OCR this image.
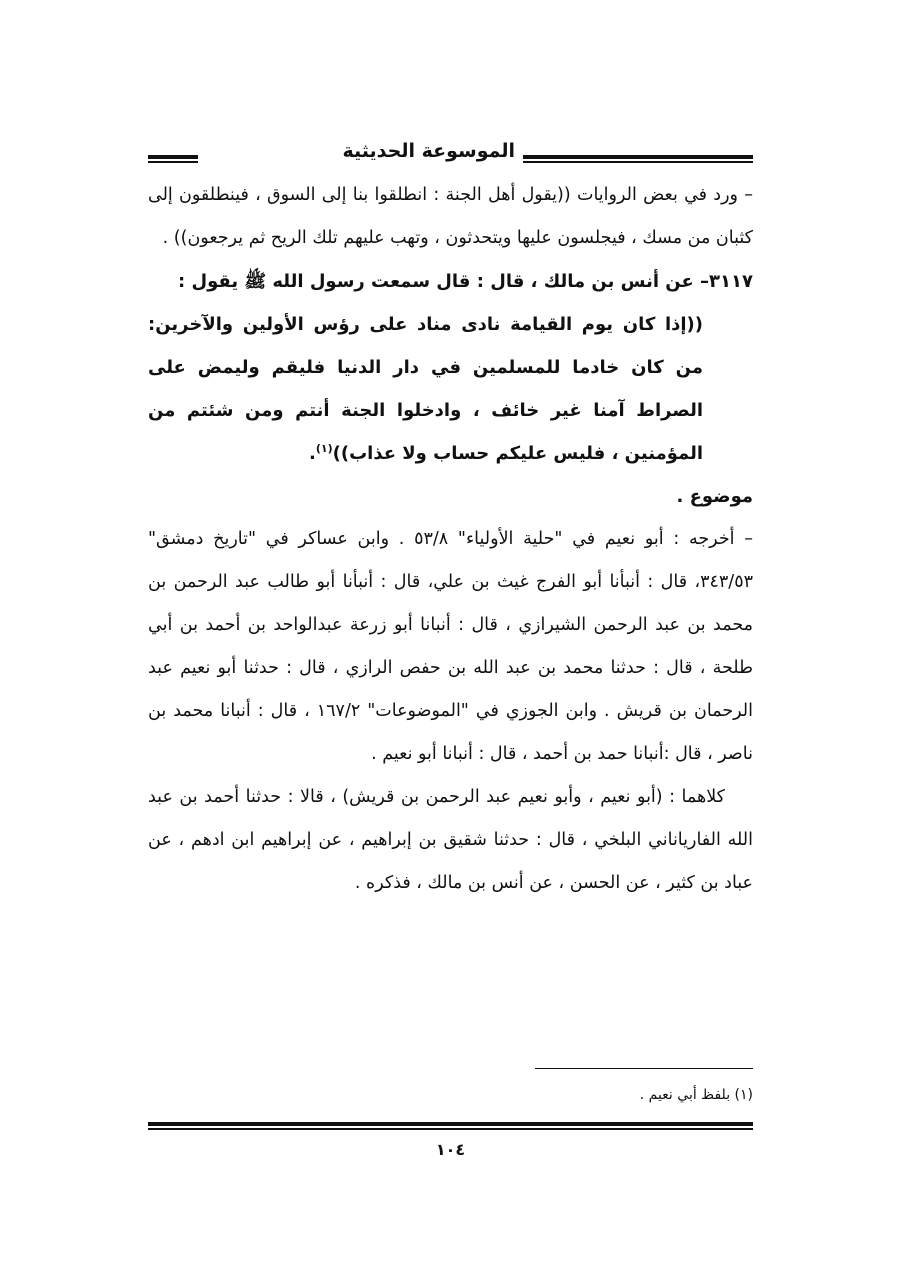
الموسوعة الحديثية

– ورد في بعض الروايات ((يقول أهل الجنة : انطلقوا بنا إلى السوق ، فينطلقون إلى كثبان من مسك ، فيجلسون عليها ويتحدثون ، وتهب عليهم تلك الريح ثم يرجعون)) .

٣١١٧– عن أنس بن مالك ، قال : قال سمعت رسول الله ﷺ يقول :

((إذا كان يوم القيامة نادى مناد على رؤس الأولين والآخرين: من كان خادما للمسلمين في دار الدنيا فليقم وليمض على الصراط آمنا غير خائف ، وادخلوا الجنة أنتم ومن شئتم من المؤمنين ، فليس عليكم حساب ولا عذاب))$^{(١)}$.

موضوع .

– أخرجه : أبو نعيم في "حلية الأولياء" ٥٣/٨ . وابن عساكر في "تاريخ دمشق" ٣٤٣/٥٣، قال : أنبأنا أبو الفرج غيث بن علي، قال : أنبأنا أبو طالب عبد الرحمن بن محمد بن عبد الرحمن الشيرازي ، قال : أنبانا أبو زرعة عبدالواحد بن أحمد بن أبي طلحة ، قال : حدثنا محمد بن عبد الله بن حفص الرازي ، قال : حدثنا أبو نعيم عبد الرحمان بن قريش . وابن الجوزي في "الموضوعات" ١٦٧/٢ ، قال : أنبانا محمد بن ناصر ، قال :أنبانا حمد بن أحمد ، قال : أنبانا أبو نعيم .

كلاهما : (أبو نعيم ، وأبو نعيم عبد الرحمن بن قريش) ، قالا : حدثنا أحمد بن عبد الله الفارياناني البلخي ، قال : حدثنا شقيق بن إبراهيم ، عن إبراهيم ابن ادهم ، عن عباد بن كثير ، عن الحسن ، عن أنس بن مالك ، فذكره .

(١) بلفظ أبي نعيم .
١٠٤
